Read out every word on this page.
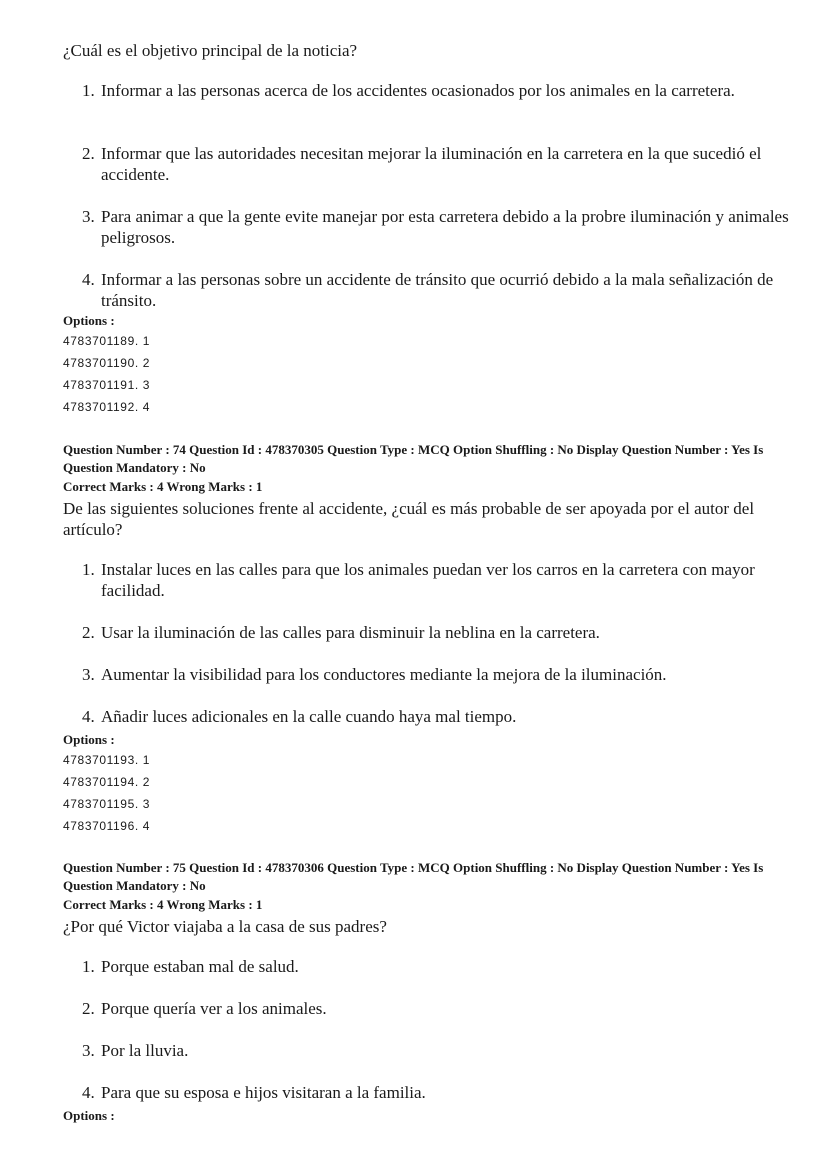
¿Cuál es el objetivo principal de la noticia?
1. Informar a las personas acerca de los accidentes ocasionados por los animales en la carretera.
2. Informar que las autoridades necesitan mejorar la iluminación en la carretera en la que sucedió el accidente.
3. Para animar a que la gente evite manejar por esta carretera debido a la probre iluminación y animales peligrosos.
4. Informar a las personas sobre un accidente de tránsito que ocurrió debido a la mala señalización de tránsito.
Options :
4783701189. 1
4783701190. 2
4783701191. 3
4783701192. 4
Question Number : 74 Question Id : 478370305 Question Type : MCQ Option Shuffling : No Display Question Number : Yes Is Question Mandatory : No
Correct Marks : 4 Wrong Marks : 1
De las siguientes soluciones frente al accidente, ¿cuál es más probable de ser apoyada por el autor del artículo?
1. Instalar luces en las calles para que los animales puedan ver los carros en la carretera con mayor facilidad.
2. Usar la iluminación de las calles para disminuir la neblina en la carretera.
3. Aumentar la visibilidad para los conductores mediante la mejora de la iluminación.
4. Añadir luces adicionales en la calle cuando haya mal tiempo.
Options :
4783701193. 1
4783701194. 2
4783701195. 3
4783701196. 4
Question Number : 75 Question Id : 478370306 Question Type : MCQ Option Shuffling : No Display Question Number : Yes Is Question Mandatory : No
Correct Marks : 4 Wrong Marks : 1
¿Por qué Victor viajaba a la casa de sus padres?
1. Porque estaban mal de salud.
2. Porque quería ver a los animales.
3. Por la lluvia.
4. Para que su esposa e hijos visitaran a la familia.
Options :
